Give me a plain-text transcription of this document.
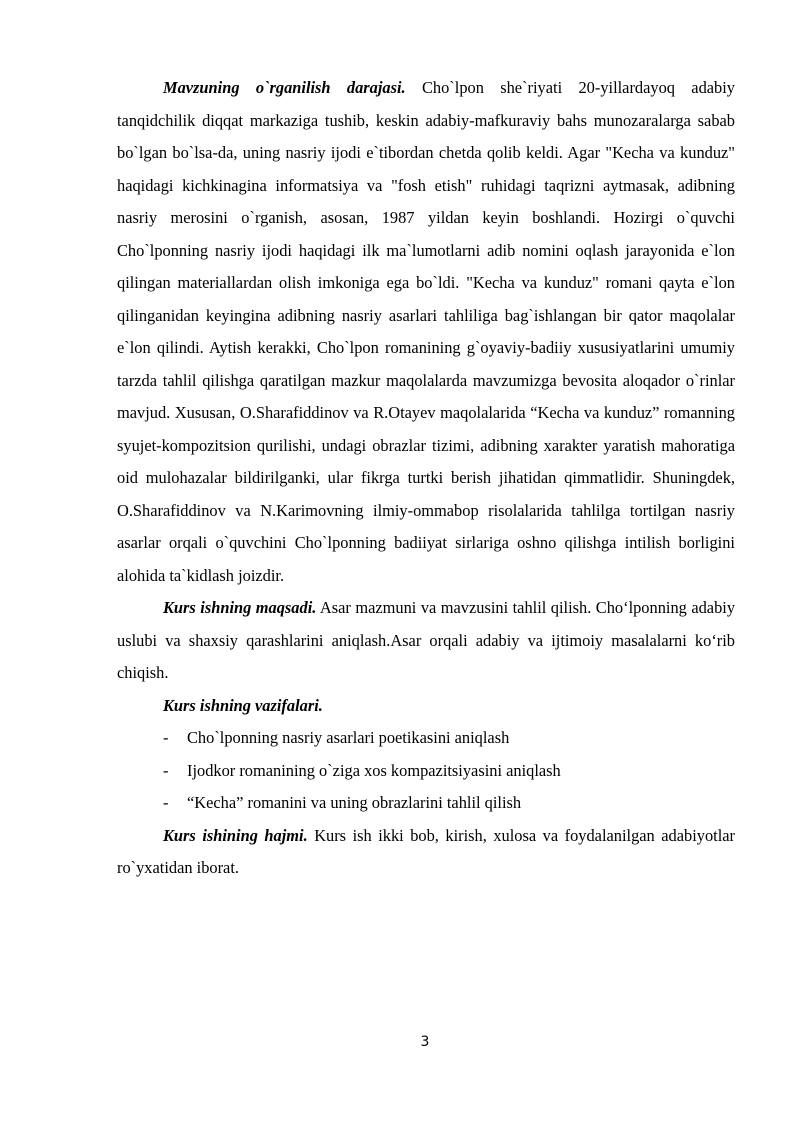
Mavzuning o`rganilish darajasi. Cho`lpon she`riyati 20-yillardayoq adabiy tanqidchilik diqqat markaziga tushib, keskin adabiy-mafkuraviy bahs munozaralarga sabab bo`lgan bo`lsa-da, uning nasriy ijodi e`tibordan chetda qolib keldi. Agar "Kecha va kunduz" haqidagi kichkinagina informatsiya va "fosh etish" ruhidagi taqrizni aytmasak, adibning nasriy merosini o`rganish, asosan, 1987 yildan keyin boshlandi. Hozirgi o`quvchi Cho`lponning nasriy ijodi haqidagi ilk ma`lumotlarni adib nomini oqlash jarayonida e`lon qilingan materiallardan olish imkoniga ega bo`ldi. "Kecha va kunduz" romani qayta e`lon qilinganidan keyingina adibning nasriy asarlari tahliliga bag`ishlangan bir qator maqolalar e`lon qilindi. Aytish kerakki, Cho`lpon romanining g`oyaviy-badiiy xususiyatlarini umumiy tarzda tahlil qilishga qaratilgan mazkur maqolalarda mavzumizga bevosita aloqador o`rinlar mavjud. Xususan, O.Sharafiddinov va R.Otayev maqolalarida “Kecha va kunduz” romanning syujet-kompozitsion qurilishi, undagi obrazlar tizimi, adibning xarakter yaratish mahoratiga oid mulohazalar bildirilganki, ular fikrga turtki berish jihatidan qimmatlidir. Shuningdek, O.Sharafiddinov va N.Karimovning ilmiy-ommabop risolalarida tahlilga tortilgan nasriy asarlar orqali o`quvchini Cho`lponning badiiyat sirlariga oshno qilishga intilish borligini alohida ta`kidlash joizdir.

Kurs ishning maqsadi. Asar mazmuni va mavzusini tahlil qilish. Cho‘lponning adabiy uslubi va shaxsiy qarashlarini aniqlash.Asar orqali adabiy va ijtimoiy masalalarni ko‘rib chiqish.

Kurs ishning vazifalari.

- Cho`lponning nasriy asarlari poetikasini aniqlash
- Ijodkor romanining o`ziga xos kompazitsiyasini aniqlash
- “Kecha” romanini va uning obrazlarini tahlil qilish

Kurs ishining hajmi. Kurs ish ikki bob, kirish, xulosa va foydalanilgan adabiyotlar ro`yxatidan iborat.

3
